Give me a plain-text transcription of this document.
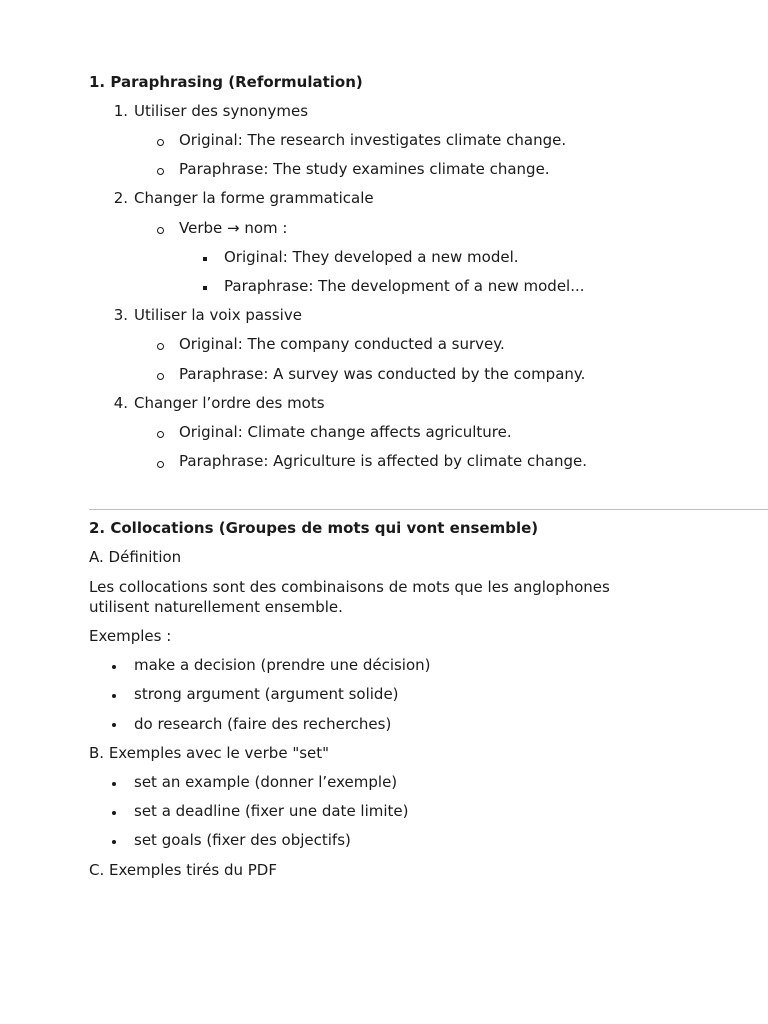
1. Paraphrasing (Reformulation)
1. Utiliser des synonymes
Original: The research investigates climate change.
Paraphrase: The study examines climate change.
2. Changer la forme grammaticale
Verbe → nom :
Original: They developed a new model.
Paraphrase: The development of a new model...
3. Utiliser la voix passive
Original: The company conducted a survey.
Paraphrase: A survey was conducted by the company.
4. Changer l’ordre des mots
Original: Climate change affects agriculture.
Paraphrase: Agriculture is affected by climate change.
2. Collocations (Groupes de mots qui vont ensemble)
A. Définition
Les collocations sont des combinaisons de mots que les anglophones
utilisent naturellement ensemble.
Exemples :
make a decision (prendre une décision)
strong argument (argument solide)
do research (faire des recherches)
B. Exemples avec le verbe "set"
set an example (donner l’exemple)
set a deadline (fixer une date limite)
set goals (fixer des objectifs)
C. Exemples tirés du PDF
